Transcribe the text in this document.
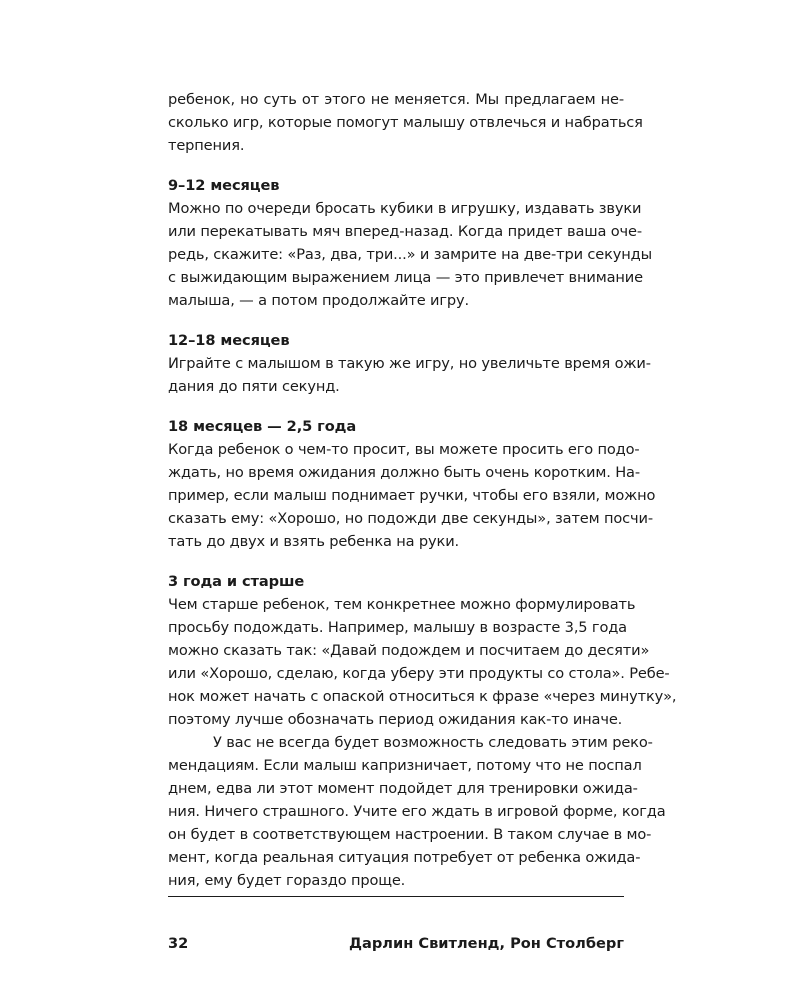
ребенок, но суть от этого не меняется. Мы предлагаем не-
сколько игр, которые помогут малышу отвлечься и набраться
терпения.
9–12 месяцев
Можно по очереди бросать кубики в игрушку, издавать звуки
или перекатывать мяч вперед-назад. Когда придет ваша оче-
редь, скажите: «Раз, два, три...» и замрите на две-три секунды
с выжидающим выражением лица — это привлечет внимание
малыша, — а потом продолжайте игру.
12–18 месяцев
Играйте с малышом в такую же игру, но увеличьте время ожи-
дания до пяти секунд.
18 месяцев — 2,5 года
Когда ребенок о чем-то просит, вы можете просить его подо-
ждать, но время ожидания должно быть очень коротким. На-
пример, если малыш поднимает ручки, чтобы его взяли, можно
сказать ему: «Хорошо, но подожди две секунды», затем посчи-
тать до двух и взять ребенка на руки.
3 года и старше
Чем старше ребенок, тем конкретнее можно формулировать
просьбу подождать. Например, малышу в возрасте 3,5 года
можно сказать так: «Давай подождем и посчитаем до десяти»
или «Хорошо, сделаю, когда уберу эти продукты со стола». Ребе-
нок может начать с опаской относиться к фразе «через минутку»,
поэтому лучше обозначать период ожидания как-то иначе.
У вас не всегда будет возможность следовать этим реко-
мендациям. Если малыш капризничает, потому что не поспал
днем, едва ли этот момент подойдет для тренировки ожида-
ния. Ничего страшного. Учите его ждать в игровой форме, когда
он будет в соответствующем настроении. В таком случае в мо-
мент, когда реальная ситуация потребует от ребенка ожида-
ния, ему будет гораздо проще.
32	Дарлин Свитленд, Рон Столберг
